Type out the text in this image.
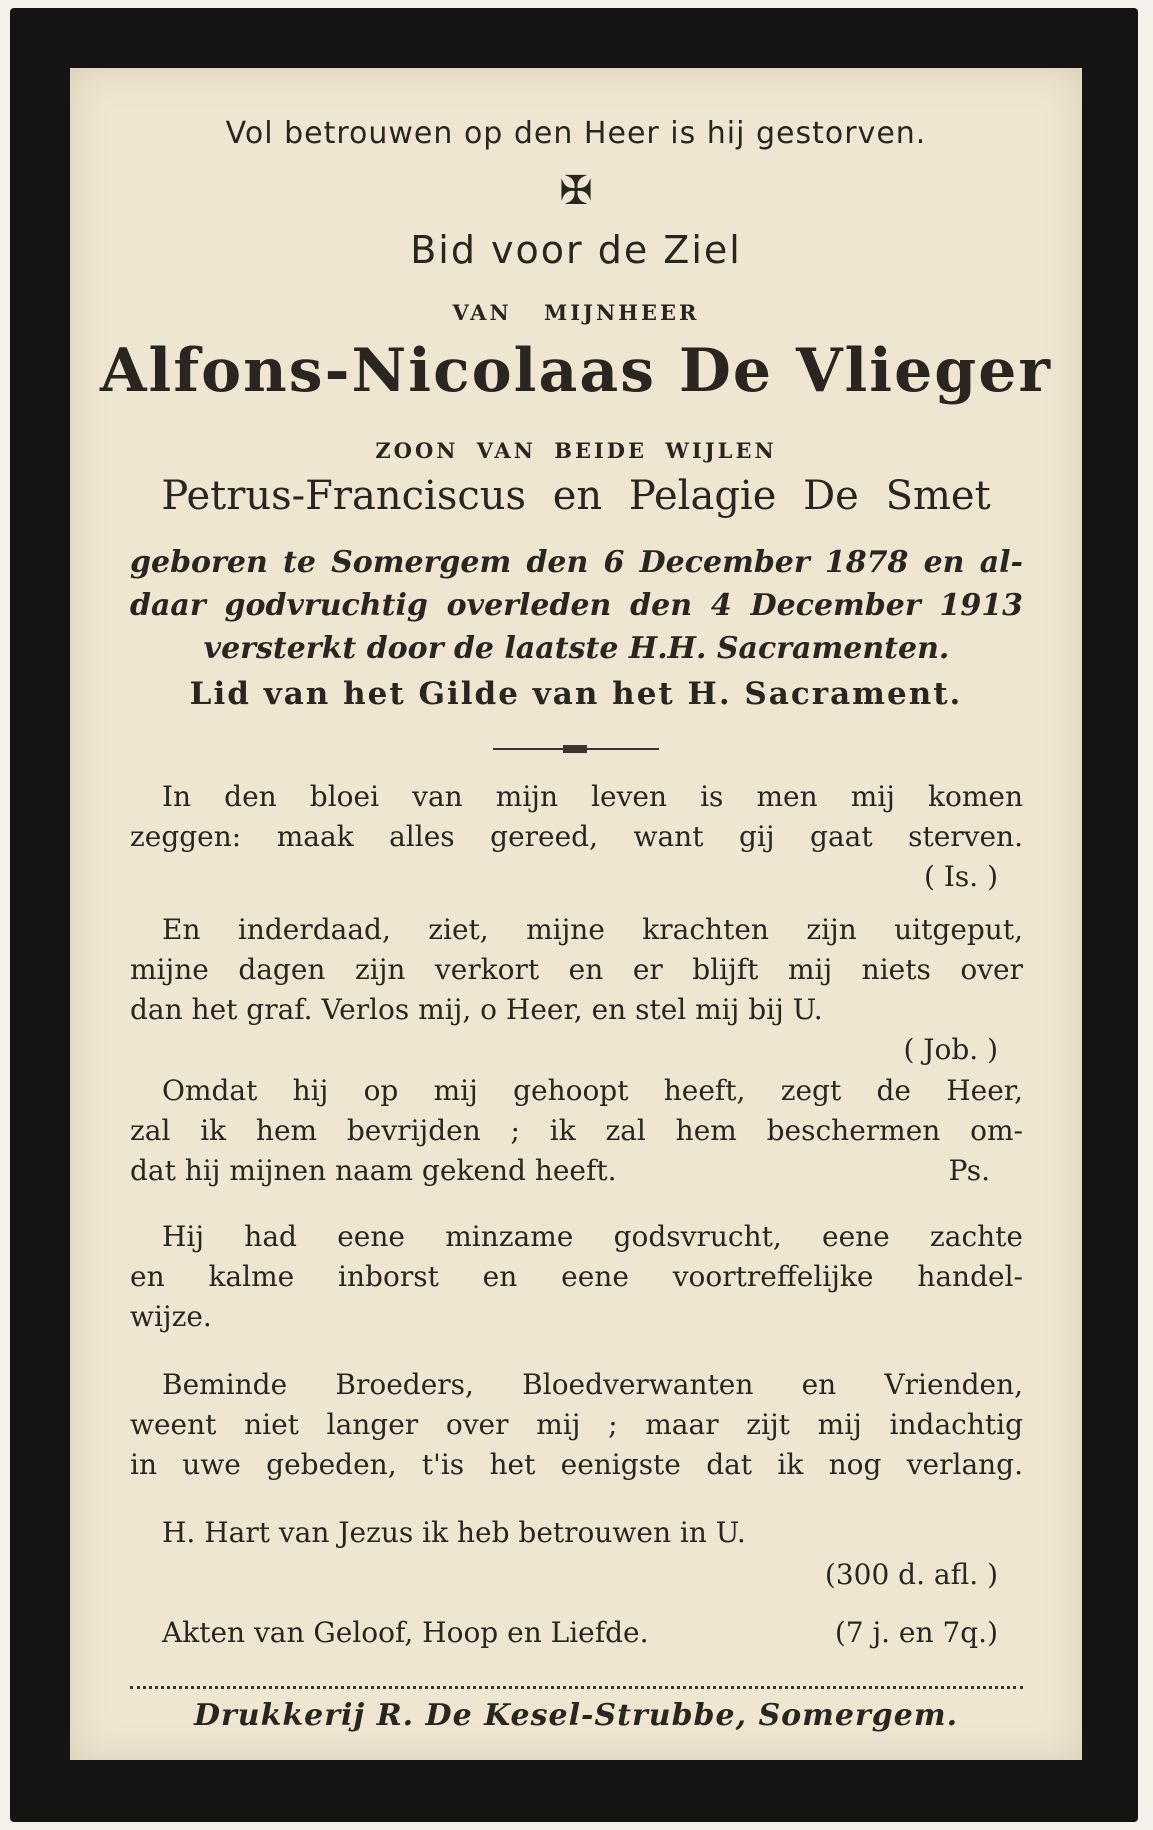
Vol betrouwen op den Heer is hij gestorven.
✠
Bid voor de Ziel
VAN MIJNHEER
Alfons-Nicolaas De Vlieger
ZOON VAN BEIDE WIJLEN
Petrus-Franciscus en Pelagie De Smet
geboren te Somergem den 6 December 1878 en al-
daar godvruchtig overleden den 4 December 1913
versterkt door de laatste H.H. Sacramenten.
Lid van het Gilde van het H. Sacrament.
In den bloei van mijn leven is men mij komen
zeggen: maak alles gereed, want gij gaat sterven.
( Is. )
En inderdaad, ziet, mijne krachten zijn uitgeput,
mijne dagen zijn verkort en er blijft mij niets over
dan het graf. Verlos mij, o Heer, en stel mij bij U.
( Job. )
Omdat hij op mij gehoopt heeft, zegt de Heer,
zal ik hem bevrijden ; ik zal hem beschermen om-
dat hij mijnen naam gekend heeft.	Ps.
Hij had eene minzame godsvrucht, eene zachte
en kalme inborst en eene voortreffelijke handel-
wijze.
Beminde Broeders, Bloedverwanten en Vrienden,
weent niet langer over mij ; maar zijt mij indachtig
in uwe gebeden, t'is het eenigste dat ik nog verlang.
H. Hart van Jezus ik heb betrouwen in U.
(300 d. afl. )
Akten van Geloof, Hoop en Liefde.	(7 j. en 7q.)
Drukkerij R. De Kesel-Strubbe, Somergem.
